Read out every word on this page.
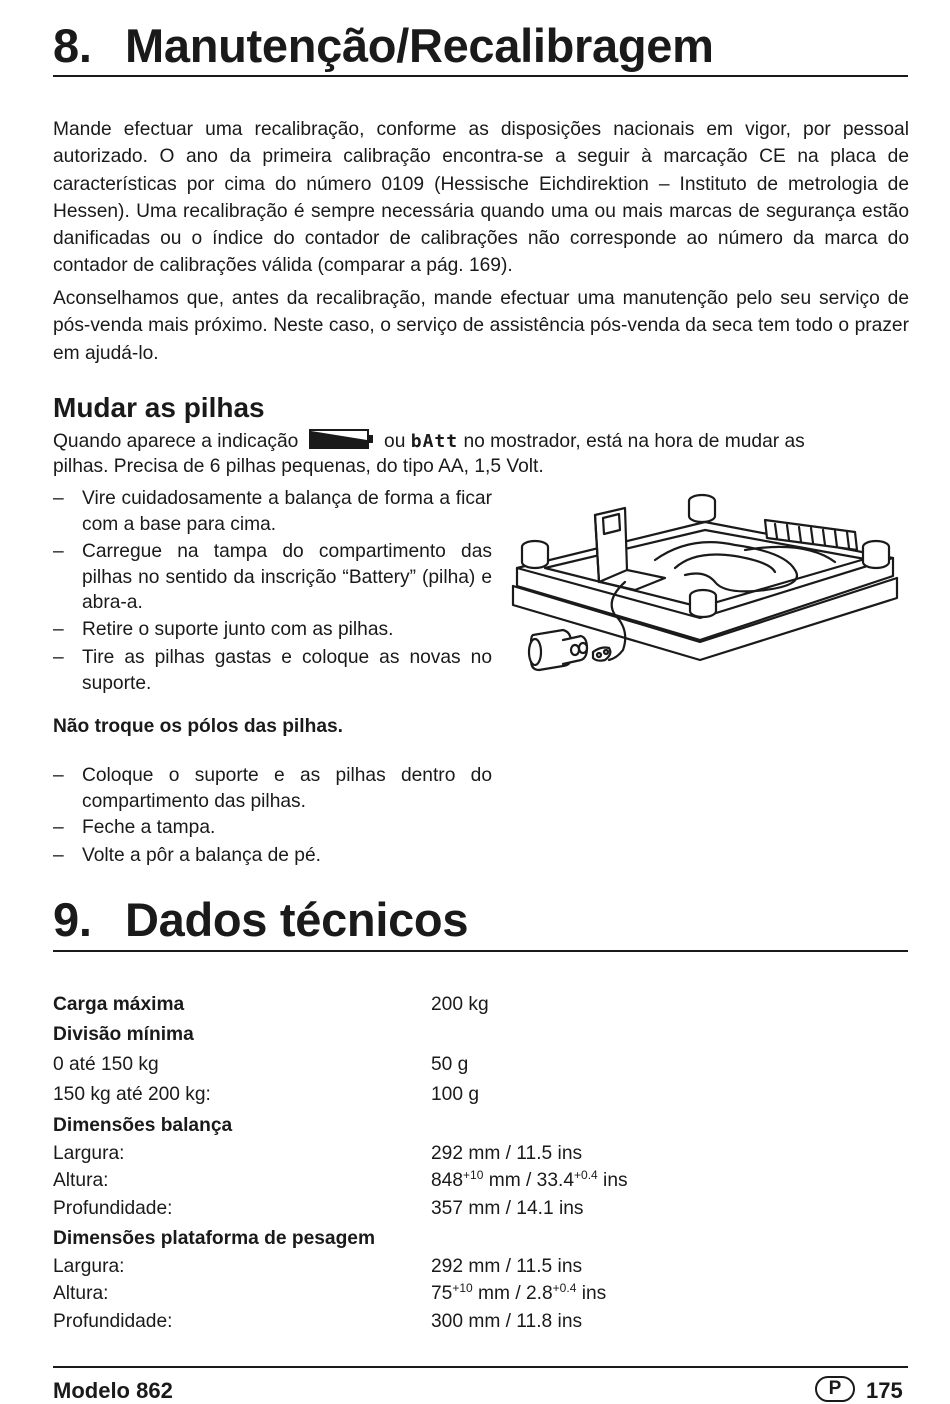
8. Manutenção/Recalibragem
Mande efectuar uma recalibração, conforme as disposições nacionais em vigor, por pessoal autorizado. O ano da primeira calibração encontra-se a seguir à marcação CE na placa de características por cima do número 0109 (Hessische Eichdirektion – Instituto de metrologia de Hessen). Uma recalibração é sempre necessária quando uma ou mais marcas de segurança estão danificadas ou o índice do contador de calibrações não corresponde ao número da marca do contador de calibrações válida (comparar a pág. 169).
Aconselhamos que, antes da recalibração, mande efectuar uma manutenção pelo seu serviço de pós-venda mais próximo. Neste caso, o serviço de assistência pós-venda da seca tem todo o prazer em ajudá-lo.
Mudar as pilhas
Quando aparece a indicação	ou bAtt no mostrador, está na hora de mudar as
pilhas. Precisa de 6 pilhas pequenas, do tipo AA, 1,5 Volt.
– Vire cuidadosamente a balança de forma a ficar com a base para cima.
– Carregue na tampa do compartimento das pilhas no sentido da inscrição “Battery” (pilha) e abra-a.
– Retire o suporte junto com as pilhas.
– Tire as pilhas gastas e coloque as novas no suporte.
Não troque os pólos das pilhas.
– Coloque o suporte e as pilhas dentro do compartimento das pilhas.
– Feche a tampa.
– Volte a pôr a balança de pé.
9. Dados técnicos
Carga máxima	200 kg
Divisão mínima
0 até 150 kg	50 g
150 kg até 200 kg:	100 g
Dimensões balança
Largura:	292 mm / 11.5 ins
Altura:	$848^{+10}$ mm / $33.4^{+0.4}$ ins
Profundidade:	357 mm / 14.1 ins
Dimensões plataforma de pesagem
Largura:	292 mm / 11.5 ins
Altura:	$75^{+10}$ mm / $2.8^{+0.4}$ ins
Profundidade:	300 mm / 11.8 ins
Modelo 862	P	175
